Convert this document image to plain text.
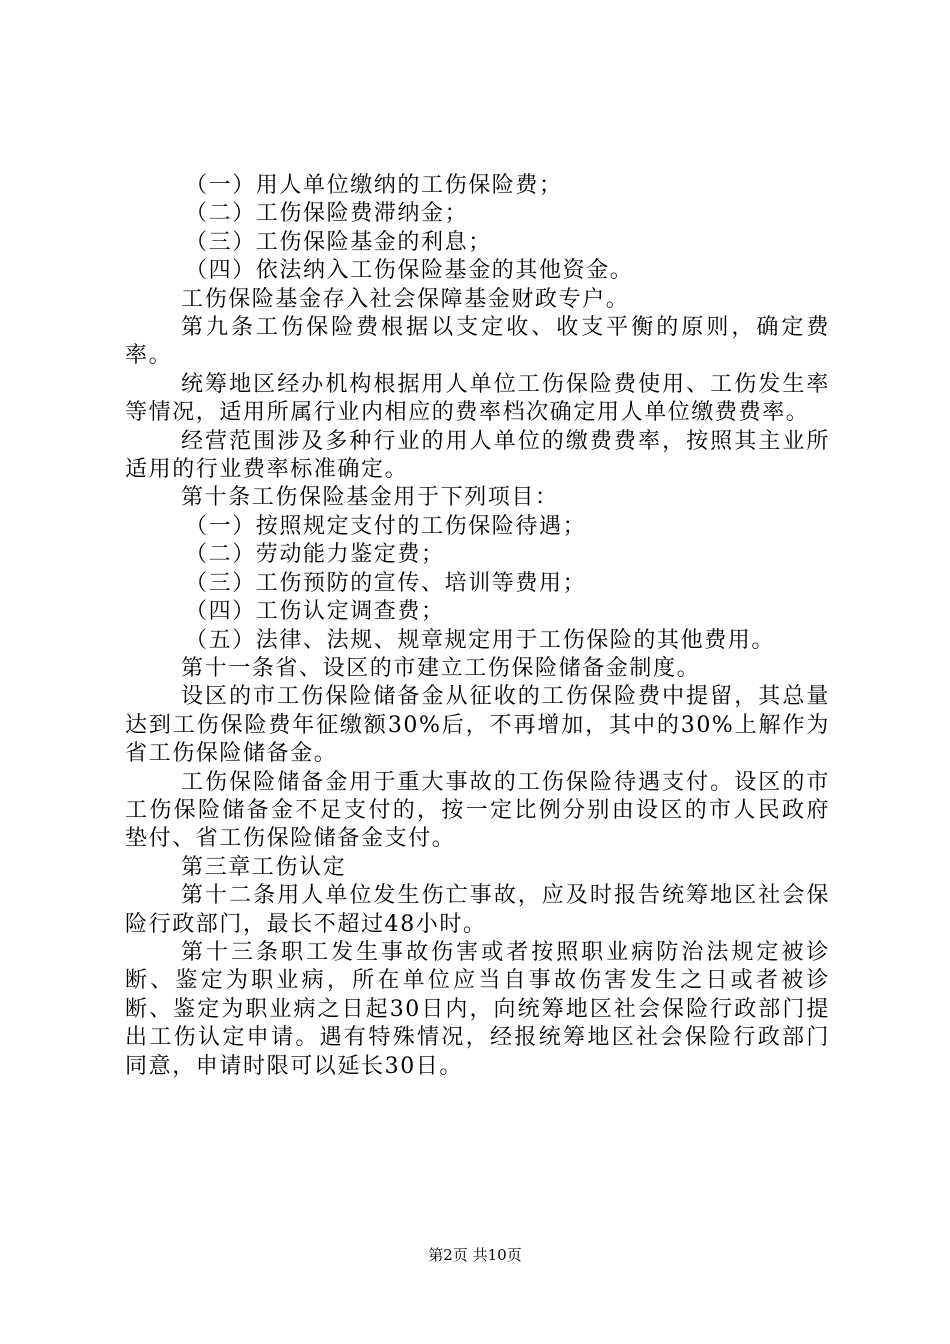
（一）用人单位缴纳的工伤保险费；

（二）工伤保险费滞纳金；

（三）工伤保险基金的利息；

（四）依法纳入工伤保险基金的其他资金。

工伤保险基金存入社会保障基金财政专户。

第九条工伤保险费根据以支定收、收支平衡的原则，确定费率。

统筹地区经办机构根据用人单位工伤保险费使用、工伤发生率等情况，适用所属行业内相应的费率档次确定用人单位缴费费率。

经营范围涉及多种行业的用人单位的缴费费率，按照其主业所适用的行业费率标准确定。

第十条工伤保险基金用于下列项目：

（一）按照规定支付的工伤保险待遇；

（二）劳动能力鉴定费；

（三）工伤预防的宣传、培训等费用；

（四）工伤认定调查费；

（五）法律、法规、规章规定用于工伤保险的其他费用。

第十一条省、设区的市建立工伤保险储备金制度。

设区的市工伤保险储备金从征收的工伤保险费中提留，其总量达到工伤保险费年征缴额30%后，不再增加，其中的30%上解作为省工伤保险储备金。

工伤保险储备金用于重大事故的工伤保险待遇支付。设区的市工伤保险储备金不足支付的，按一定比例分别由设区的市人民政府垫付、省工伤保险储备金支付。

第三章工伤认定

第十二条用人单位发生伤亡事故，应及时报告统筹地区社会保险行政部门，最长不超过48小时。

第十三条职工发生事故伤害或者按照职业病防治法规定被诊断、鉴定为职业病，所在单位应当自事故伤害发生之日或者被诊断、鉴定为职业病之日起30日内，向统筹地区社会保险行政部门提出工伤认定申请。遇有特殊情况，经报统筹地区社会保险行政部门同意，申请时限可以延长30日。

第2页 共10页
